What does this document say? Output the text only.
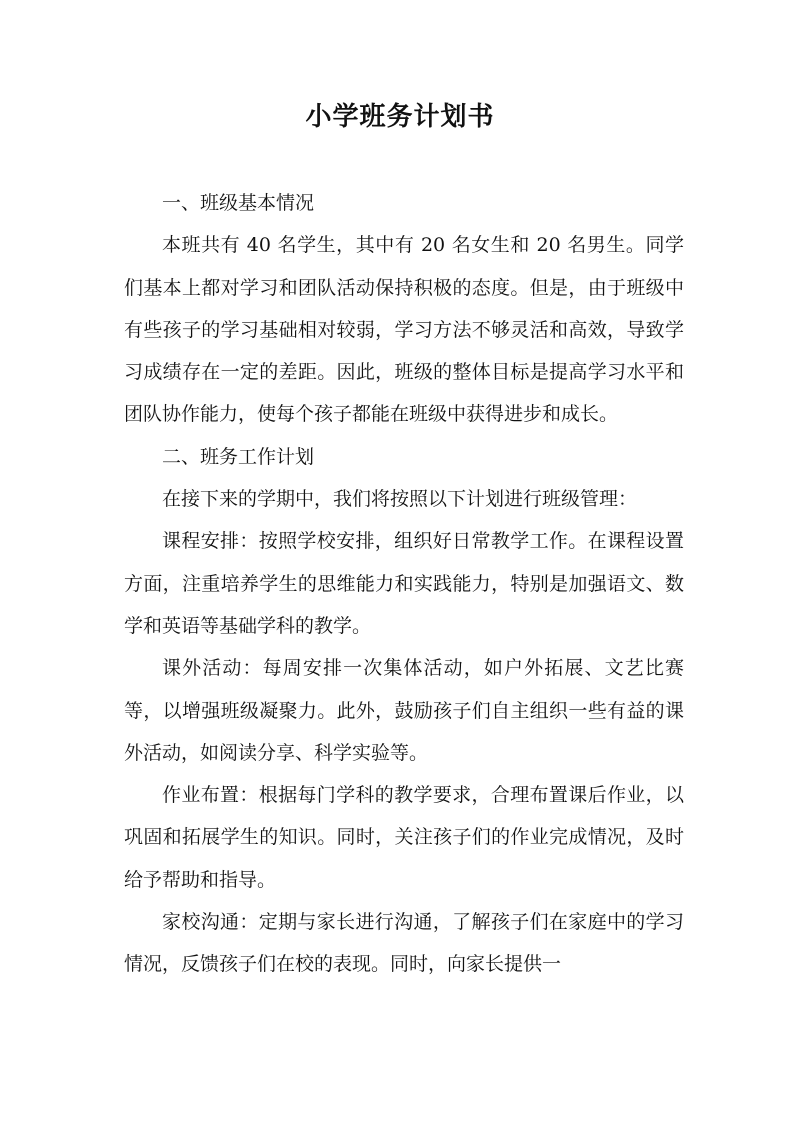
小学班务计划书

一、班级基本情况

本班共有 40 名学生，其中有 20 名女生和 20 名男生。同学们基本上都对学习和团队活动保持积极的态度。但是，由于班级中有些孩子的学习基础相对较弱，学习方法不够灵活和高效，导致学习成绩存在一定的差距。因此，班级的整体目标是提高学习水平和团队协作能力，使每个孩子都能在班级中获得进步和成长。

二、班务工作计划

在接下来的学期中，我们将按照以下计划进行班级管理：

课程安排：按照学校安排，组织好日常教学工作。在课程设置方面，注重培养学生的思维能力和实践能力，特别是加强语文、数学和英语等基础学科的教学。

课外活动：每周安排一次集体活动，如户外拓展、文艺比赛等，以增强班级凝聚力。此外，鼓励孩子们自主组织一些有益的课外活动，如阅读分享、科学实验等。

作业布置：根据每门学科的教学要求，合理布置课后作业，以巩固和拓展学生的知识。同时，关注孩子们的作业完成情况，及时给予帮助和指导。

家校沟通：定期与家长进行沟通，了解孩子们在家庭中的学习情况，反馈孩子们在校的表现。同时，向家长提供一
